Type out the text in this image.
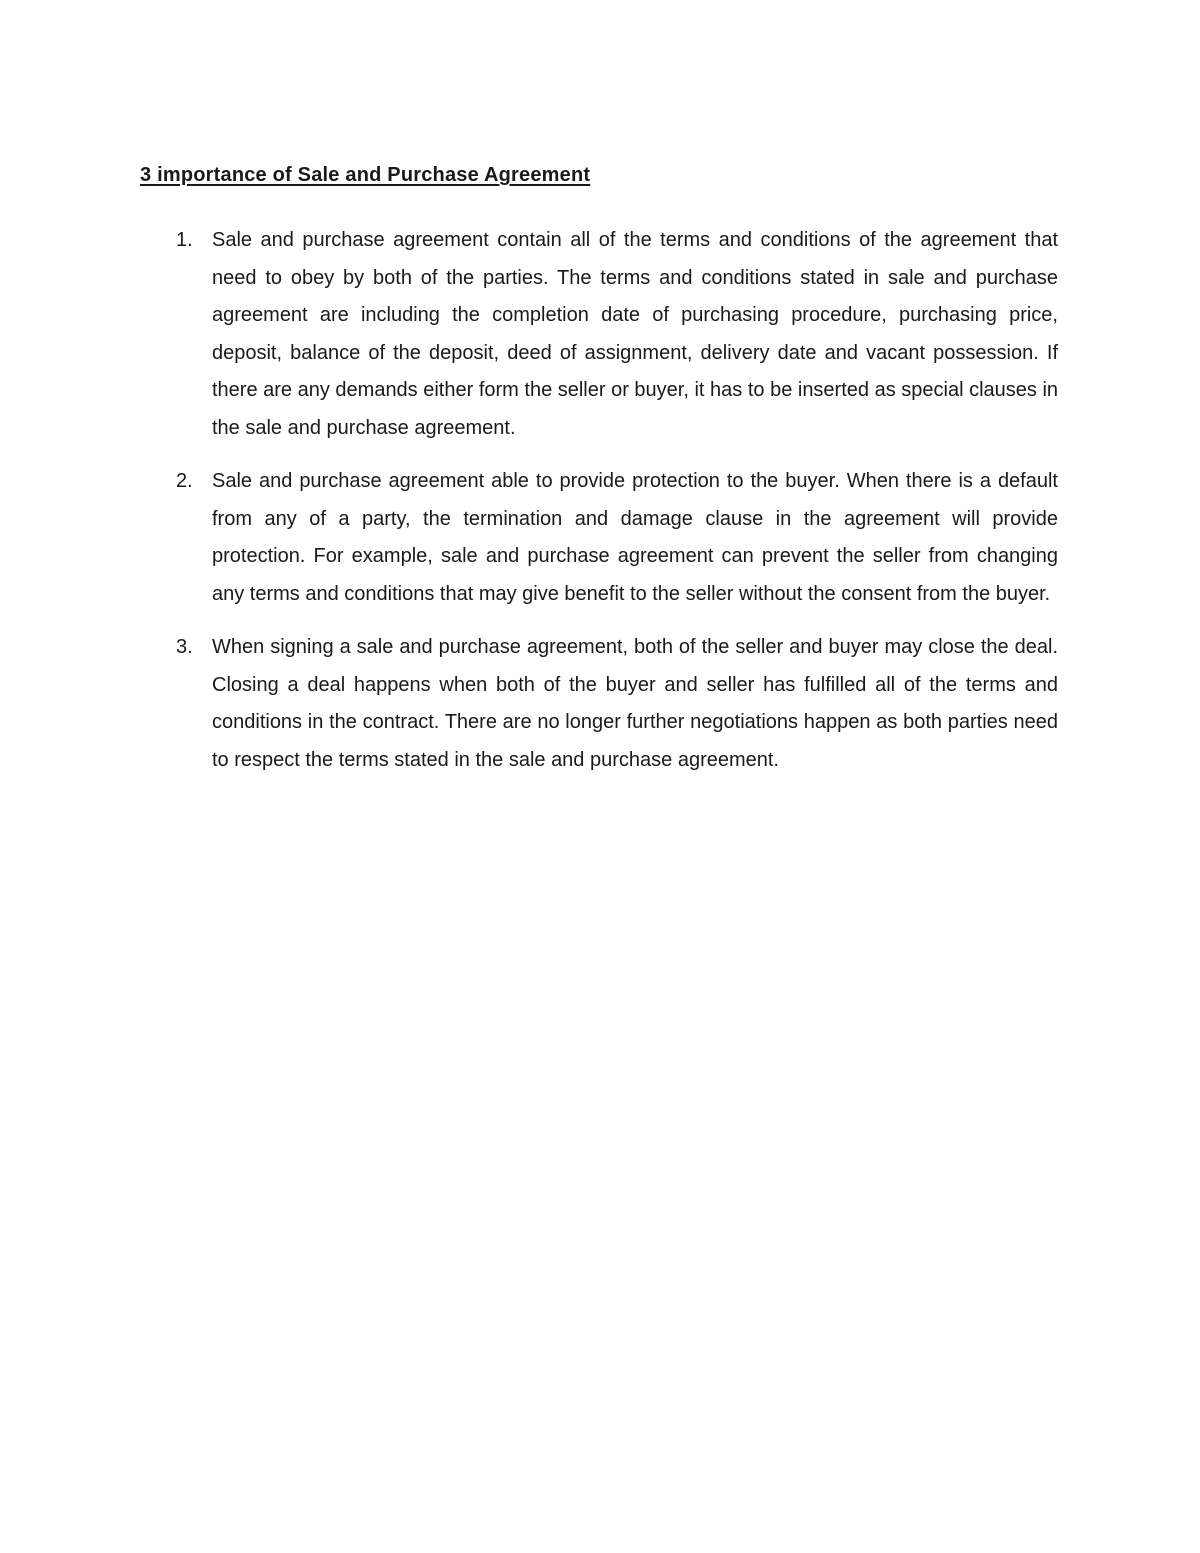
3 importance of Sale and Purchase Agreement
1. Sale and purchase agreement contain all of the terms and conditions of the agreement that need to obey by both of the parties. The terms and conditions stated in sale and purchase agreement are including the completion date of purchasing procedure, purchasing price, deposit, balance of the deposit, deed of assignment, delivery date and vacant possession. If there are any demands either form the seller or buyer, it has to be inserted as special clauses in the sale and purchase agreement.

2. Sale and purchase agreement able to provide protection to the buyer. When there is a default from any of a party, the termination and damage clause in the agreement will provide protection. For example, sale and purchase agreement can prevent the seller from changing any terms and conditions that may give benefit to the seller without the consent from the buyer.

3. When signing a sale and purchase agreement, both of the seller and buyer may close the deal. Closing a deal happens when both of the buyer and seller has fulfilled all of the terms and conditions in the contract. There are no longer further negotiations happen as both parties need to respect the terms stated in the sale and purchase agreement.
